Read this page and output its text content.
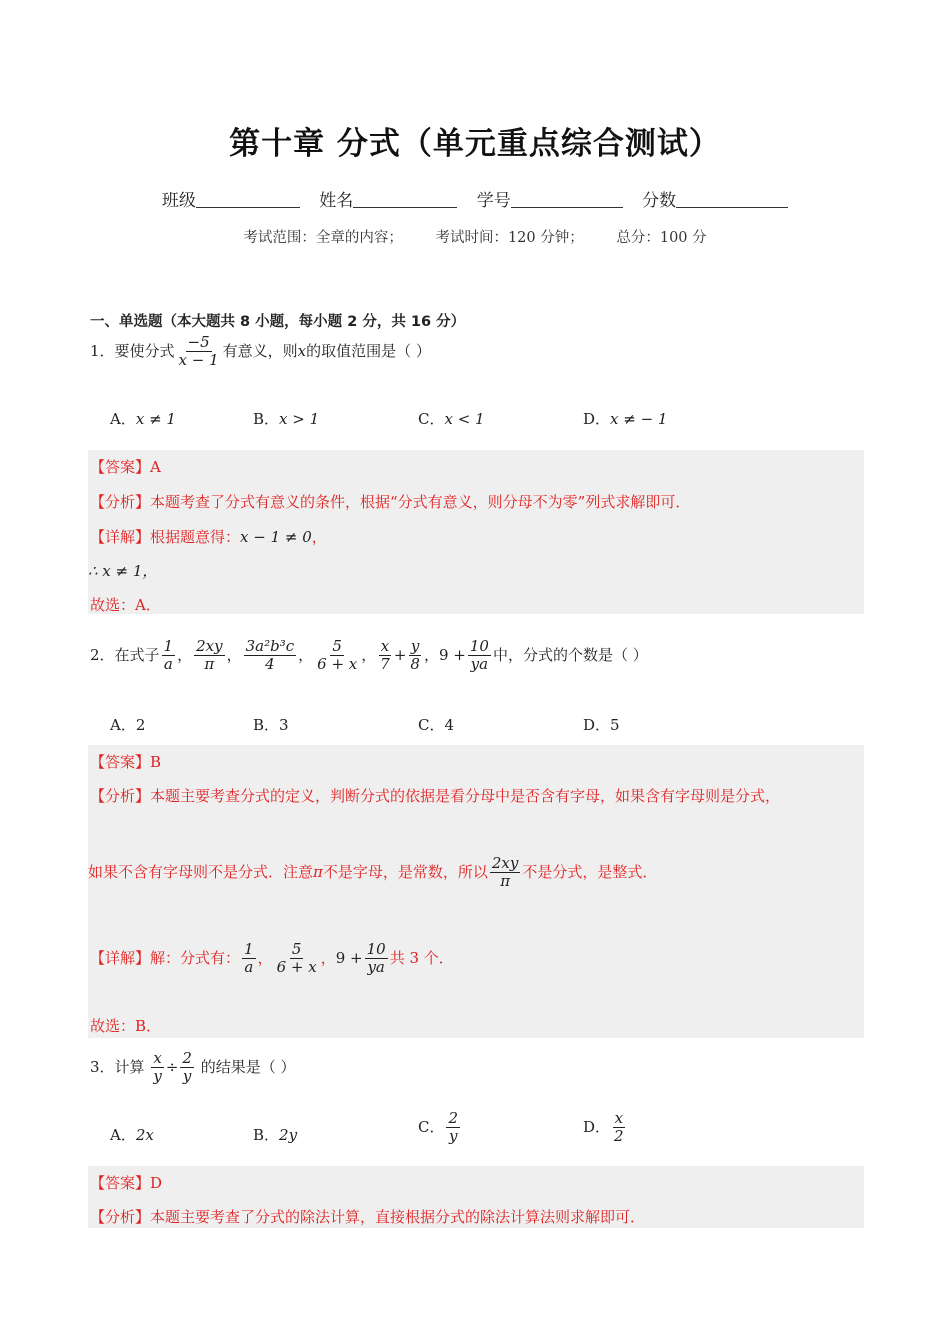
第十章 分式（单元重点综合测试）
班级	姓名	学号	分数
考试范围：全章的内容； 考试时间：120 分钟； 总分：100 分
一、单选题（本大题共 8 小题，每小题 2 分，共 16 分）
1．要使分式 $\frac{-5}{x - 1}$ 有意义，则x的取值范围是（ ）
A．x ≠ 1	B．x > 1	C．x < 1	D．x ≠ − 1
【答案】A
【分析】本题考查了分式有意义的条件，根据“分式有意义，则分母不为零”列式求解即可．
【详解】根据题意得：x − 1 ≠ 0，
∴ x ≠ 1，
故选：A．
2．在式子 $\frac{1}{a}$ ， $\frac{2xy}{\pi}$ ， $\frac{\text{3a²b³c}}{4}$ ， $\frac{5}{6 + x}$ ， $\frac{x}{7} + \frac{y}{8}$ ，$9 + \frac{10}{ya}$ 中，分式的个数是（ ）
A．2	B．3	C．4	D．5
【答案】B
【分析】本题主要考查分式的定义，判断分式的依据是看分母中是否含有字母，如果含有字母则是分式，
如果不含有字母则不是分式．注意π不是字母，是常数，所以 $\frac{2xy}{\pi}$ 不是分式，是整式．
【详解】解：分式有： $\frac{1}{a}$ ， $\frac{5}{6 + x}$ ，$9 + \frac{10}{ya}$ 共 3 个．
故选：B．
3．计算 $\frac{x}{y} \div \frac{2}{y}$ 的结果是（ ）
A．2x	B．2y	C． $\frac{2}{y}$	D． $\frac{x}{2}$
【答案】D
【分析】本题主要考查了分式的除法计算，直接根据分式的除法计算法则求解即可．
